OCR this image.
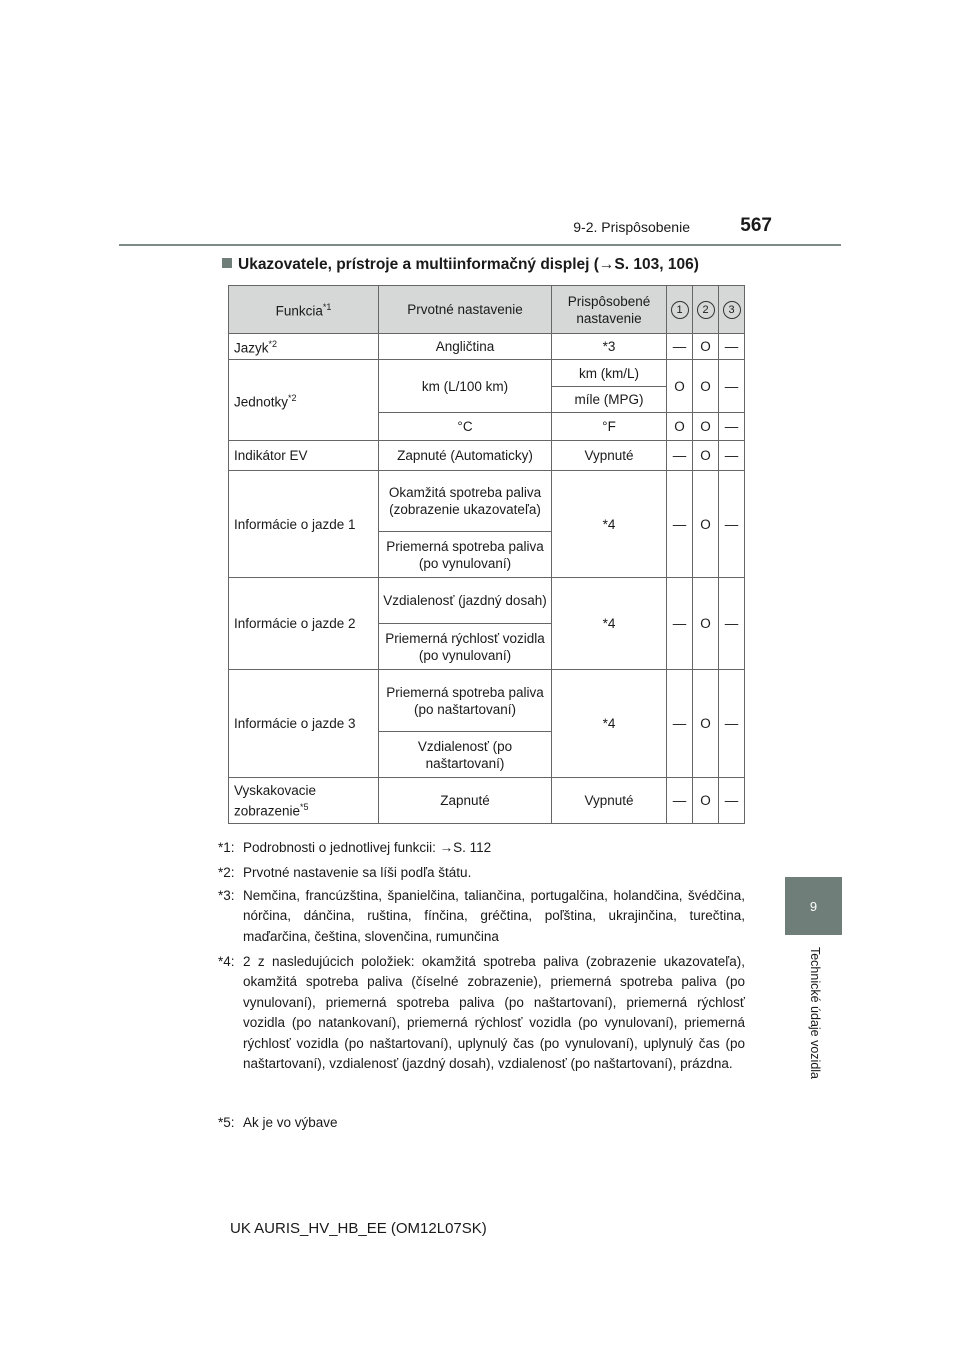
9-2. Prispôsobenie	567
9
Technické údaje vozidla
Ukazovatele, prístroje a multiinformačný displej (→S. 103, 106)
Funkcia$^{*1}$	Prvotné nastavenie	Prispôsobené nastavenie	1	2	3
Jazyk$^{*2}$	Angličtina	*3	—	O	—
Jednotky$^{*2}$	km (L/100 km)	km (km/L)	O	O	—
		míle (MPG)			
	°C	°F	O	O	—
Indikátor EV	Zapnuté (Automaticky)	Vypnuté	—	O	—
Informácie o jazde 1	Okamžitá spotreba paliva (zobrazenie ukazovateľa)	*4	—	O	—
	Priemerná spotreba paliva (po vynulovaní)				
Informácie o jazde 2	Vzdialenosť (jazdný dosah)	*4	—	O	—
	Priemerná rýchlosť vozidla (po vynulovaní)				
Informácie o jazde 3	Priemerná spotreba paliva (po naštartovaní)	*4	—	O	—
	Vzdialenosť (po naštartovaní)				
Vyskakovacie zobrazenie$^{*5}$	Zapnuté	Vypnuté	—	O	—
*1: Podrobnosti o jednotlivej funkcii: →S. 112
*2: Prvotné nastavenie sa líši podľa štátu.
*3: Nemčina, francúzština, španielčina, taliančina, portugalčina, holandčina, švédčina, nórčina, dánčina, ruština, fínčina, gréčtina, poľština, ukrajinčina, turečtina, maďarčina, čeština, slovenčina, rumunčina
*4: 2 z nasledujúcich položiek: okamžitá spotreba paliva (zobrazenie ukazovateľa), okamžitá spotreba paliva (číselné zobrazenie), priemerná spotreba paliva (po vynulovaní), priemerná spotreba paliva (po naštartovaní), priemerná rýchlosť vozidla (po natankovaní), priemerná rýchlosť vozidla (po vynulovaní), priemerná rýchlosť vozidla (po naštartovaní), uplynulý čas (po vynulovaní), uplynulý čas (po naštartovaní), vzdialenosť (jazdný dosah), vzdialenosť (po naštartovaní), prázdna.
*5: Ak je vo výbave
UK AURIS_HV_HB_EE (OM12L07SK)
